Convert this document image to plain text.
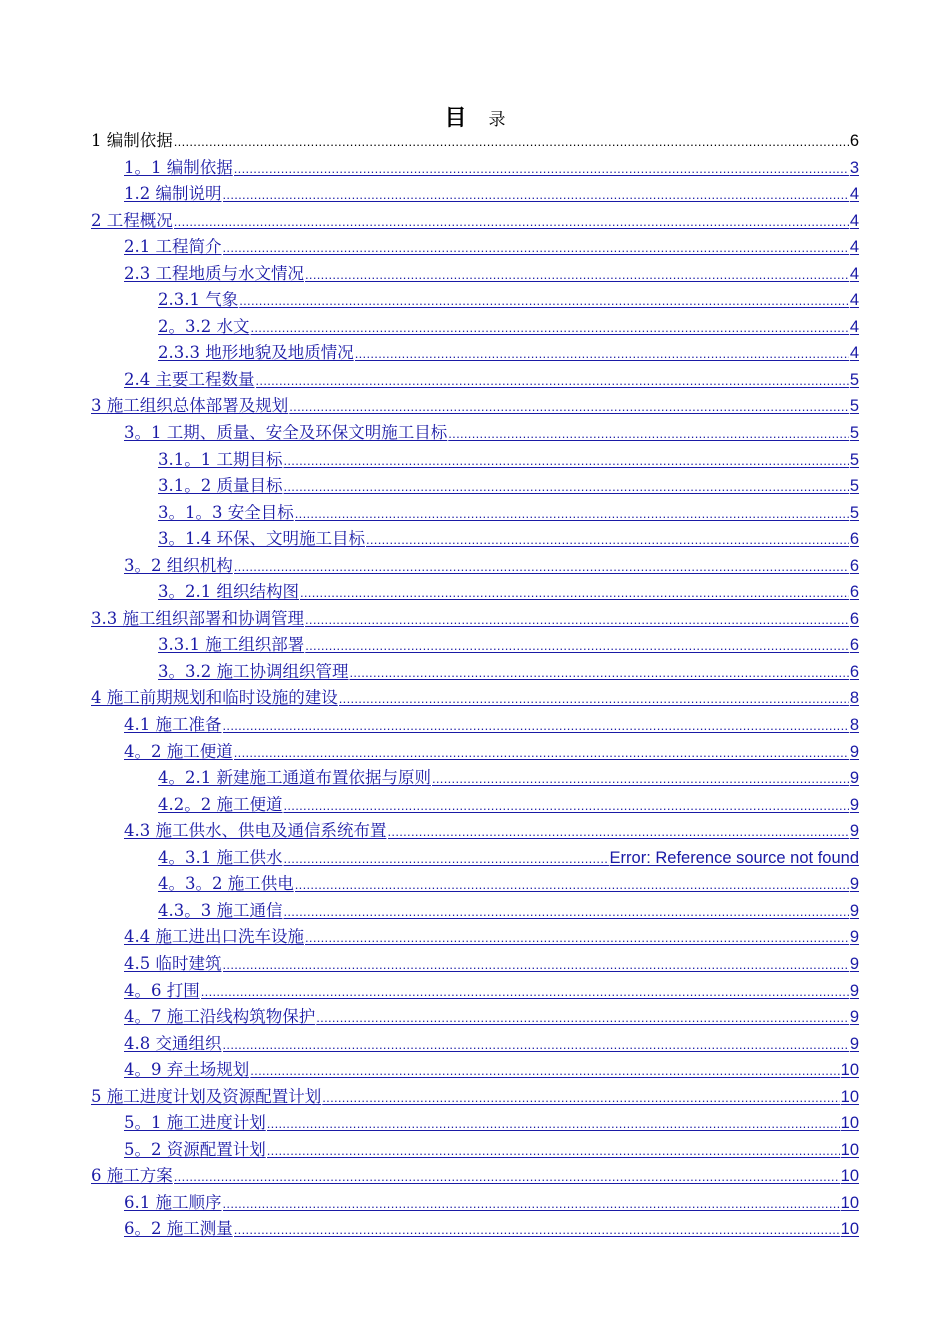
目 录
1 编制依据 .....	6
1。1 编制依据 .....	3
1.2 编制说明 .....	4
2 工程概况 .....	4
2.1 工程简介 .....	4
2.3 工程地质与水文情况 .....	4
2.3.1 气象 .....	4
2。3.2 水文 .....	4
2.3.3 地形地貌及地质情况 .....	4
2.4 主要工程数量 .....	5
3 施工组织总体部署及规划 .....	5
3。1 工期、质量、安全及环保文明施工目标 .....	5
3.1。1 工期目标 .....	5
3.1。2 质量目标 .....	5
3。1。3 安全目标 .....	5
3。1.4 环保、文明施工目标 .....	6
3。2 组织机构 .....	6
3。2.1 组织结构图 .....	6
3.3 施工组织部署和协调管理 .....	6
3.3.1 施工组织部署 .....	6
3。3.2 施工协调组织管理 .....	6
4 施工前期规划和临时设施的建设 .....	8
4.1 施工准备 .....	8
4。2 施工便道 .....	9
4。2.1 新建施工通道布置依据与原则 .....	9
4.2。2 施工便道 .....	9
4.3 施工供水、供电及通信系统布置 .....	9
4。3.1 施工供水 .....	Error: Reference source not found
4。3。2 施工供电 .....	9
4.3。3 施工通信 .....	9
4.4 施工进出口洗车设施 .....	9
4.5 临时建筑 .....	9
4。6 打围 .....	9
4。7 施工沿线构筑物保护 .....	9
4.8 交通组织 .....	9
4。9 弃土场规划 .....	10
5 施工进度计划及资源配置计划 .....	10
5。1 施工进度计划 .....	10
5。2 资源配置计划 .....	10
6 施工方案 .....	10
6.1 施工顺序 .....	10
6。2 施工测量 .....	10
